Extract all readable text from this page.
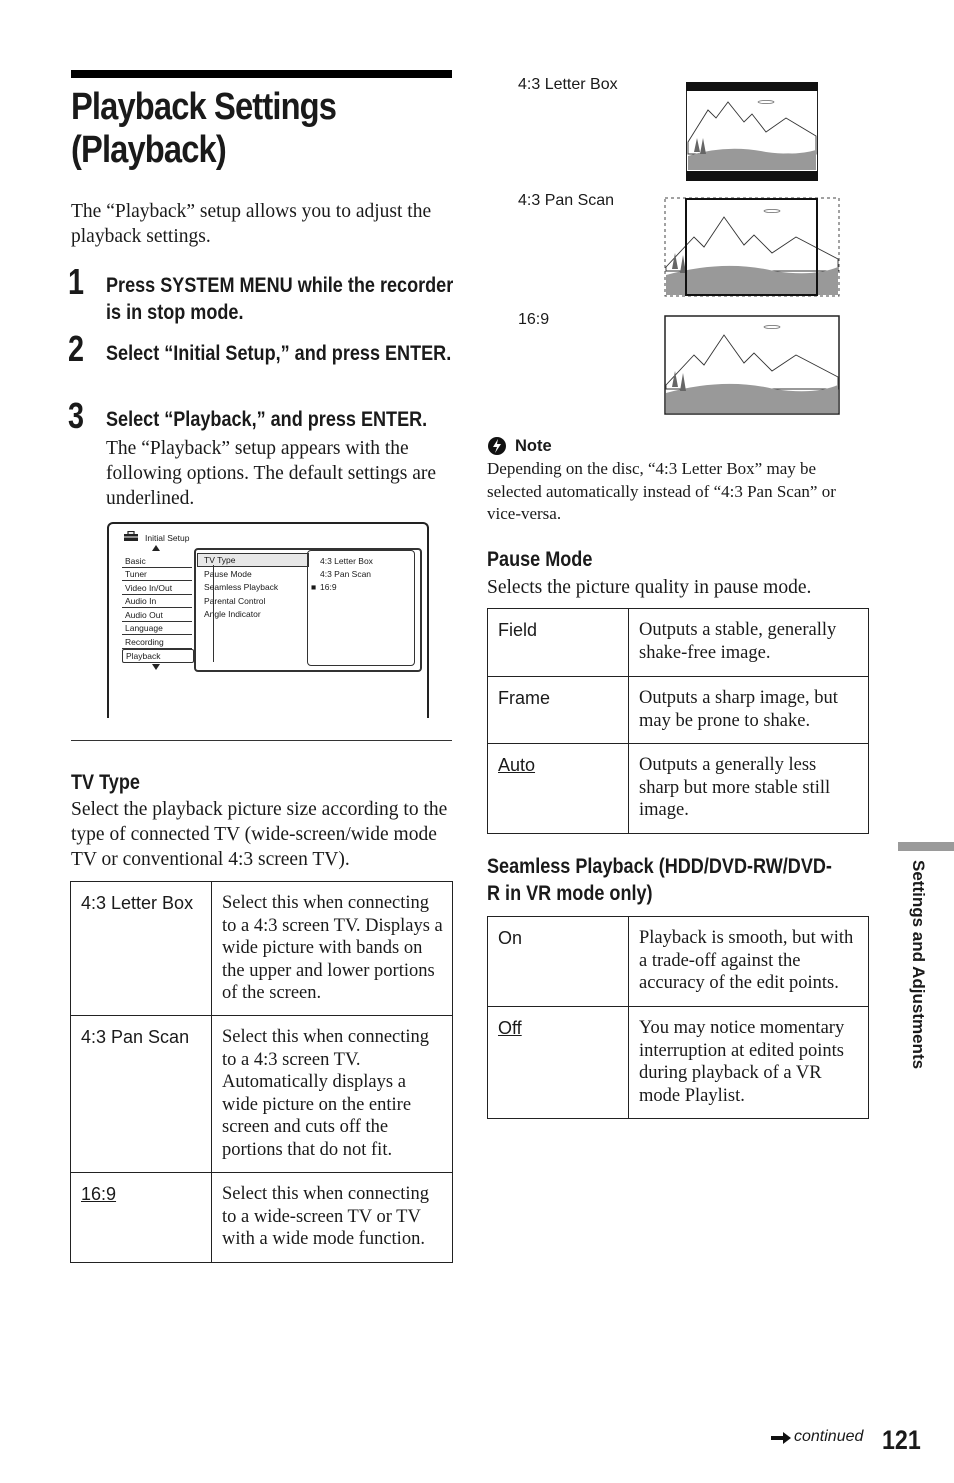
Playback Settings
(Playback)
The “Playback” setup allows you to adjust the playback settings.
1 Press SYSTEM MENU while the recorder is in stop mode.
2 Select “Initial Setup,” and press ENTER.
3 Select “Playback,” and press ENTER.
The “Playback” setup appears with the following options. The default settings are underlined.
Initial Setup
Basic
Tuner
Video In/Out
Audio In
Audio Out
Language
Recording
Playback
TV Type
Pause Mode
Seamless Playback
Parental Control
Angle Indicator
4:3 Letter Box
4:3 Pan Scan
■ 16:9
TV Type
Select the playback picture size according to the type of connected TV (wide-screen/wide mode TV or conventional 4:3 screen TV).
4:3 Letter Box	Select this when connecting to a 4:3 screen TV. Displays a wide picture with bands on the upper and lower portions of the screen.
4:3 Pan Scan	Select this when connecting to a 4:3 screen TV. Automatically displays a wide picture on the entire screen and cuts off the portions that do not fit.
16:9	Select this when connecting to a wide-screen TV or TV with a wide mode function.
4:3 Letter Box
4:3 Pan Scan
16:9
Note
Depending on the disc, “4:3 Letter Box” may be selected automatically instead of “4:3 Pan Scan” or vice-versa.
Pause Mode
Selects the picture quality in pause mode.
Field	Outputs a stable, generally shake-free image.
Frame	Outputs a sharp image, but may be prone to shake.
Auto	Outputs a generally less sharp but more stable still image.
Seamless Playback (HDD/DVD-RW/DVD-
R in VR mode only)
On	Playback is smooth, but with a trade-off against the accuracy of the edit points.
Off	You may notice momentary interruption at edited points during playback of a VR mode Playlist.
Settings and Adjustments
continued 121
